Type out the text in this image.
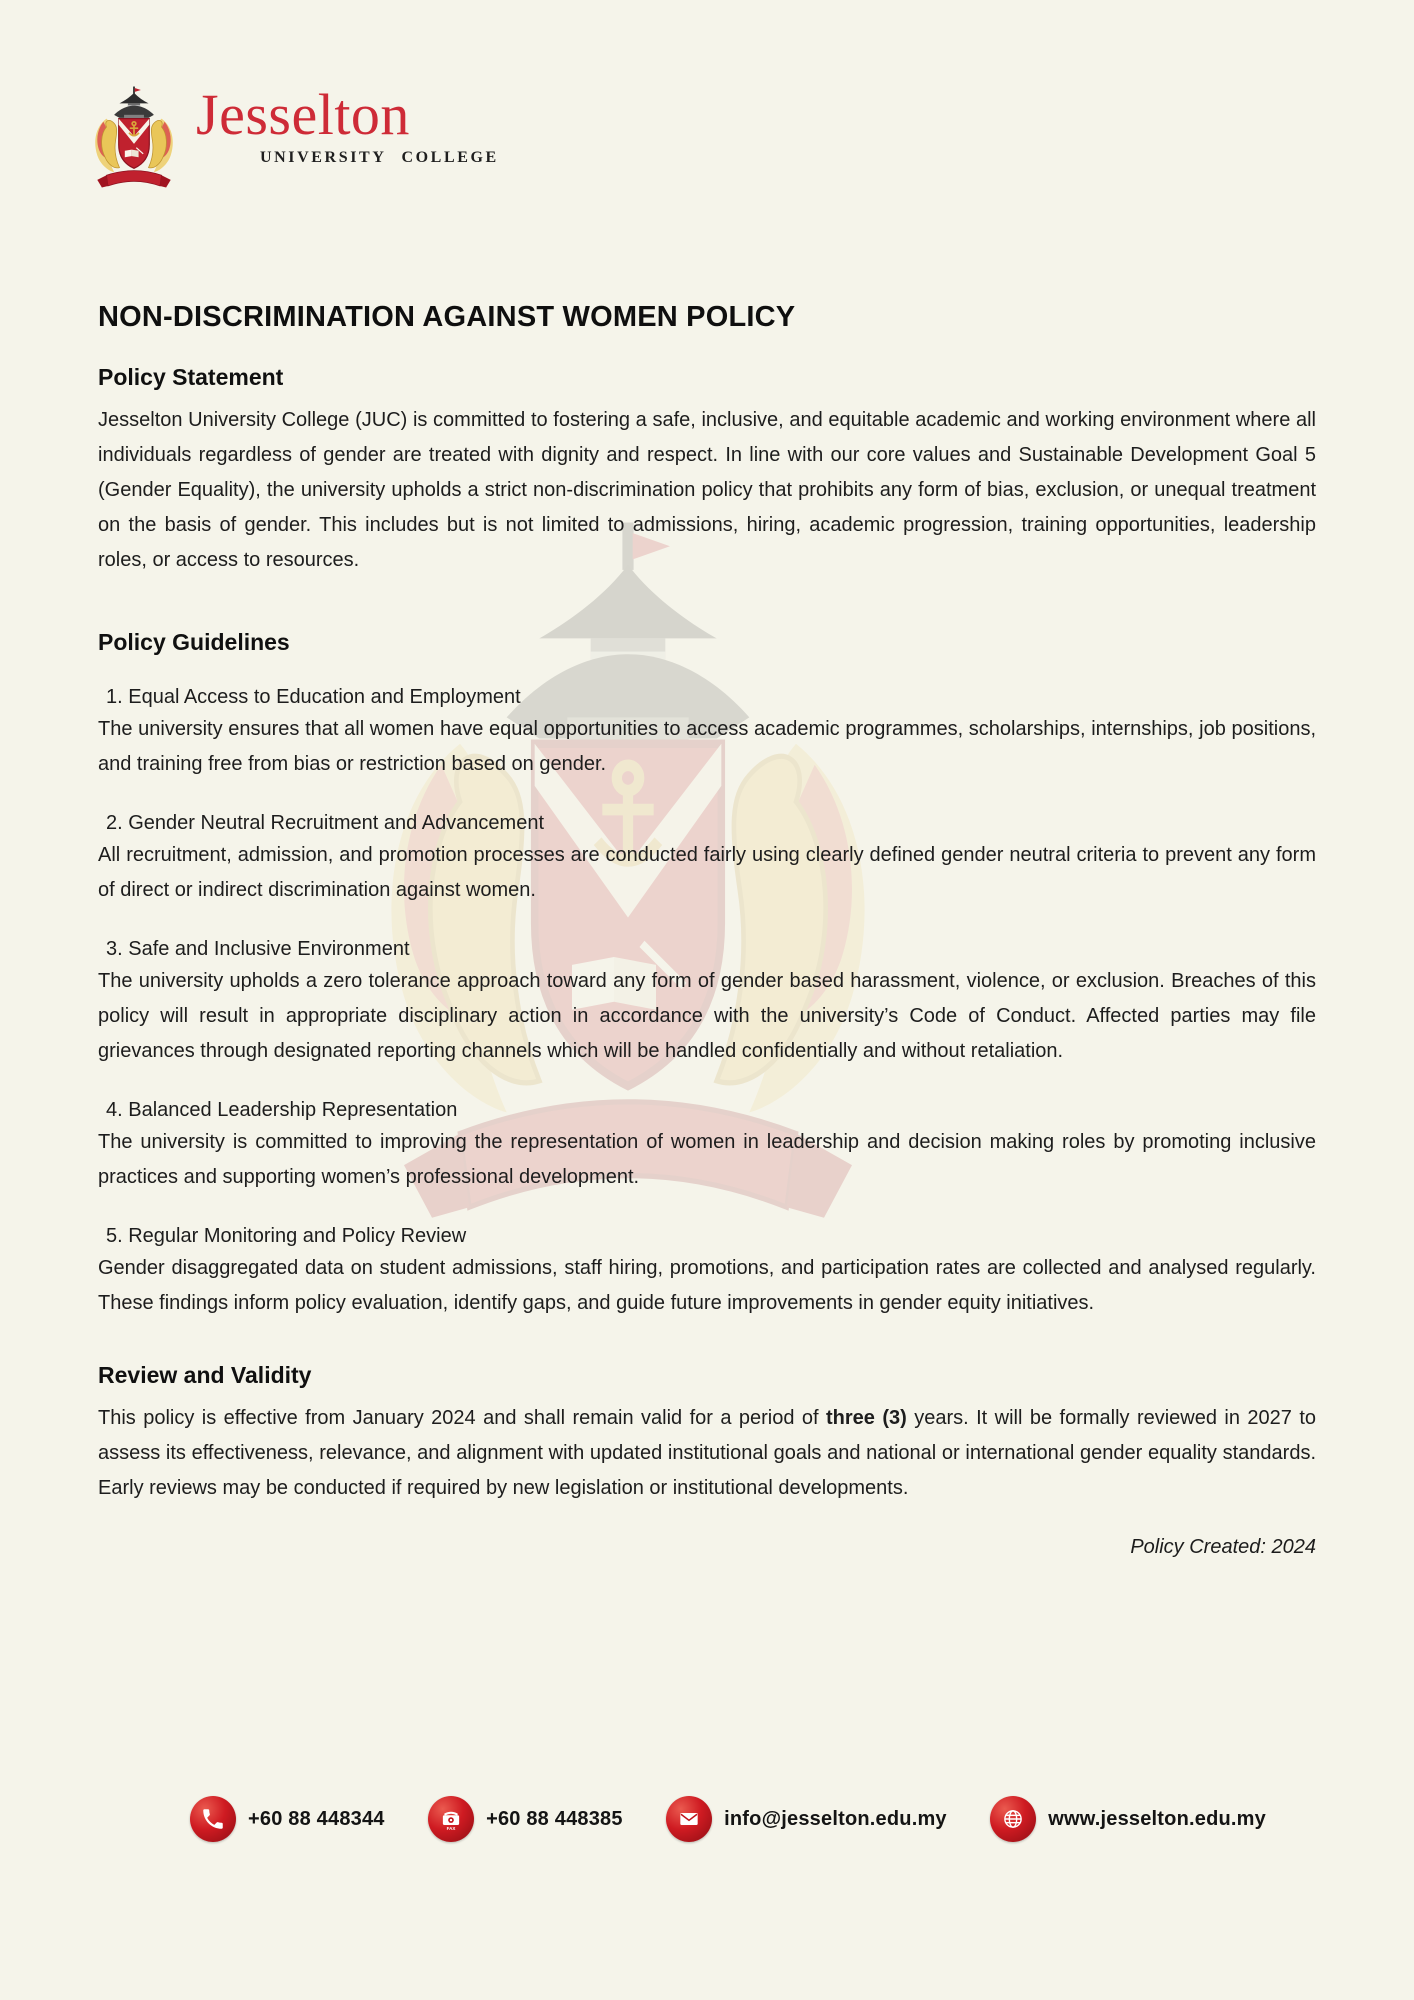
Jesselton
UNIVERSITY COLLEGE
NON-DISCRIMINATION AGAINST WOMEN POLICY
Policy Statement

Jesselton University College (JUC) is committed to fostering a safe, inclusive, and equitable academic and working environment where all individuals regardless of gender are treated with dignity and respect. In line with our core values and Sustainable Development Goal 5 (Gender Equality), the university upholds a strict non-discrimination policy that prohibits any form of bias, exclusion, or unequal treatment on the basis of gender. This includes but is not limited to admissions, hiring, academic progression, training opportunities, leadership roles, or access to resources.

Policy Guidelines
1. Equal Access to Education and Employment

The university ensures that all women have equal opportunities to access academic programmes, scholarships, internships, job positions, and training free from bias or restriction based on gender.

2. Gender Neutral Recruitment and Advancement

All recruitment, admission, and promotion processes are conducted fairly using clearly defined gender neutral criteria to prevent any form of direct or indirect discrimination against women.

3. Safe and Inclusive Environment

The university upholds a zero tolerance approach toward any form of gender based harassment, violence, or exclusion. Breaches of this policy will result in appropriate disciplinary action in accordance with the university’s Code of Conduct. Affected parties may file grievances through designated reporting channels which will be handled confidentially and without retaliation.

4. Balanced Leadership Representation

The university is committed to improving the representation of women in leadership and decision making roles by promoting inclusive practices and supporting women’s professional development.

5. Regular Monitoring and Policy Review

Gender disaggregated data on student admissions, staff hiring, promotions, and participation rates are collected and analysed regularly. These findings inform policy evaluation, identify gaps, and guide future improvements in gender equity initiatives.

Review and Validity

This policy is effective from January 2024 and shall remain valid for a period of three (3) years. It will be formally reviewed in 2027 to assess its effectiveness, relevance, and alignment with updated institutional goals and national or international gender equality standards. Early reviews may be conducted if required by new legislation or institutional developments.

Policy Created: 2024
+60 88 448344	FAX +60 88 448385	info@jesselton.edu.my	www.jesselton.edu.my
